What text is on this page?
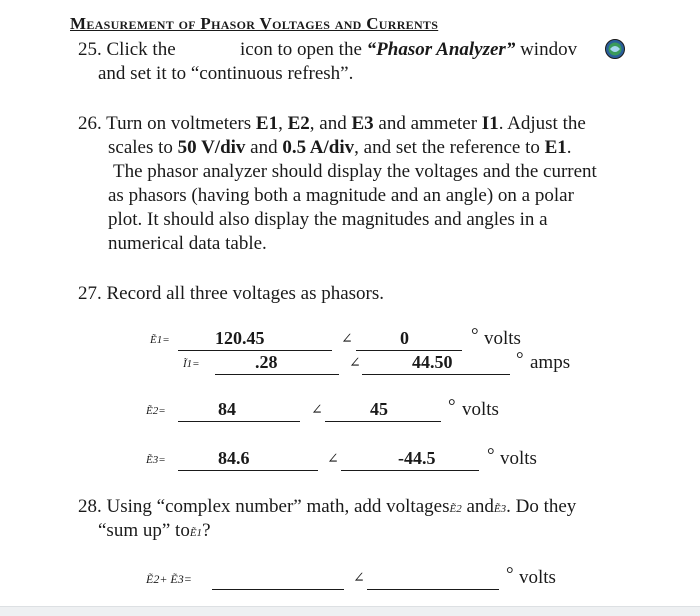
Measurement of Phasor Voltages and Currents
25. Click the	icon to open the “Phasor Analyzer” windov
and set it to “continuous refresh”.
26. Turn on voltmeters E1, E2, and E3 and ammeter I1. Adjust the
scales to 50 V/div and 0.5 A/div, and set the reference to E1.
The phasor analyzer should display the voltages and the current
as phasors (having both a magnitude and an angle) on a polar
plot. It should also display the magnitudes and angles in a
numerical data table.
27. Record all three voltages as phasors.
Ẽ1=	120.45	∠	0	° volts
Ĩ1=	.28	∠	44.50	° amps
Ẽ2=	84	∠	45	° volts
Ẽ3=	84.6	∠	-44.5	° volts
28. Using “complex number” math, add voltagesẼ2 andẼ3. Do they
“sum up” toẼ1?
Ẽ2+ Ẽ3=	∠	° volts
